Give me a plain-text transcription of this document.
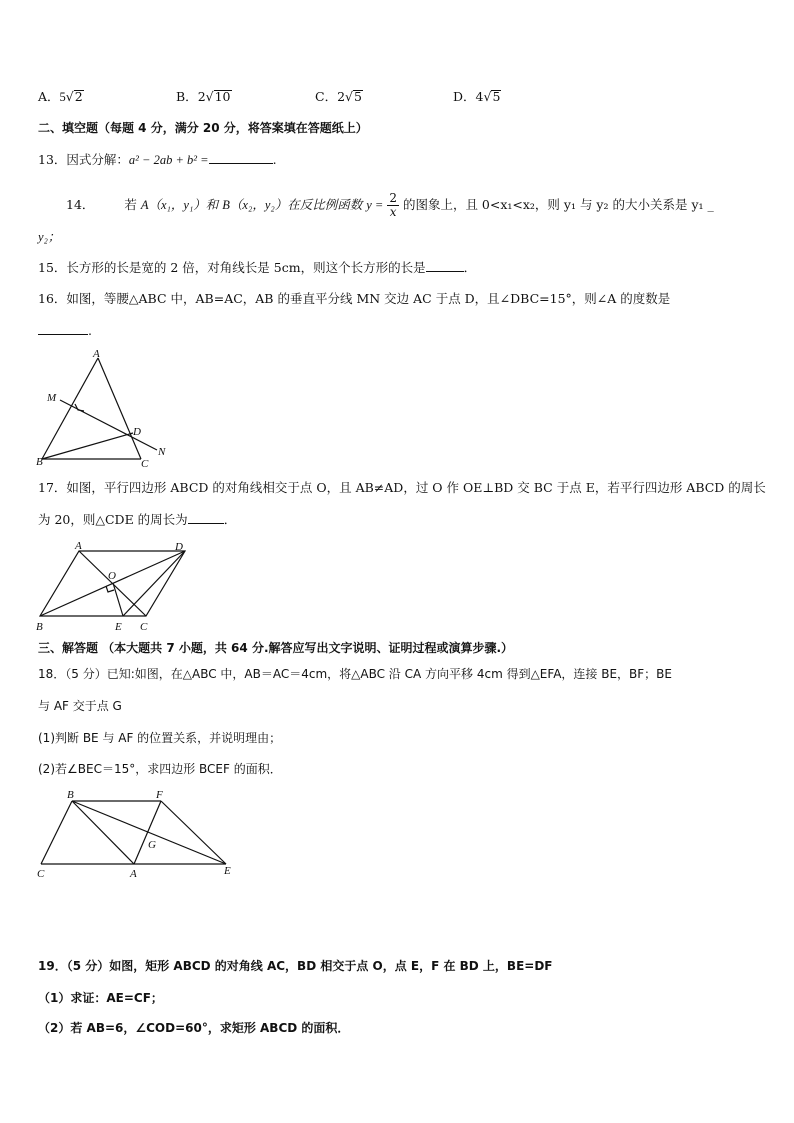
A．5√2	B．2√10	C．2√5	D．4√5
二、填空题（每题 4 分，满分 20 分，将答案填在答题纸上）
13．因式分解：a² − 2ab + b² =	.
14． 若 A（x₁，y₁）和 B（x₂，y₂）在反比例函数 $y = \frac{2}{x}$ 的图象上，且 0<x₁<x₂，则 y₁ 与 y₂ 的大小关系是 y₁ _
y₂；
15．长方形的长是宽的 2 倍，对角线长是 5cm，则这个长方形的长是	．
16．如图，等腰△ABC 中，AB=AC，AB 的垂直平分线 MN 交边 AC 于点 D，且∠DBC=15°，则∠A 的度数是
.
A
M
D
N
B	C
17．如图，平行四边形 ABCD 的对角线相交于点 O，且 AB≠AD，过 O 作 OE⊥BD 交 BC 于点 E，若平行四边形 ABCD 的周长
为 20，则△CDE 的周长为	．
A	D
O
B	E C
三、解答题 （本大题共 7 小题，共 64 分.解答应写出文字说明、证明过程或演算步骤.）
18．（5 分）已知:如图，在△ABC 中，AB＝AC＝4cm，将△ABC 沿 CA 方向平移 4cm 得到△EFA，连接 BE，BF；BE
与 AF 交于点 G
(1)判断 BE 与 AF 的位置关系，并说明理由；
(2)若∠BEC＝15°，求四边形 BCEF 的面积．
B	F
G
C	A	E
19．（5 分）如图，矩形 ABCD 的对角线 AC，BD 相交于点 O，点 E，F 在 BD 上，BE=DF
（1）求证：AE=CF；
（2）若 AB=6，∠COD=60°，求矩形 ABCD 的面积．
